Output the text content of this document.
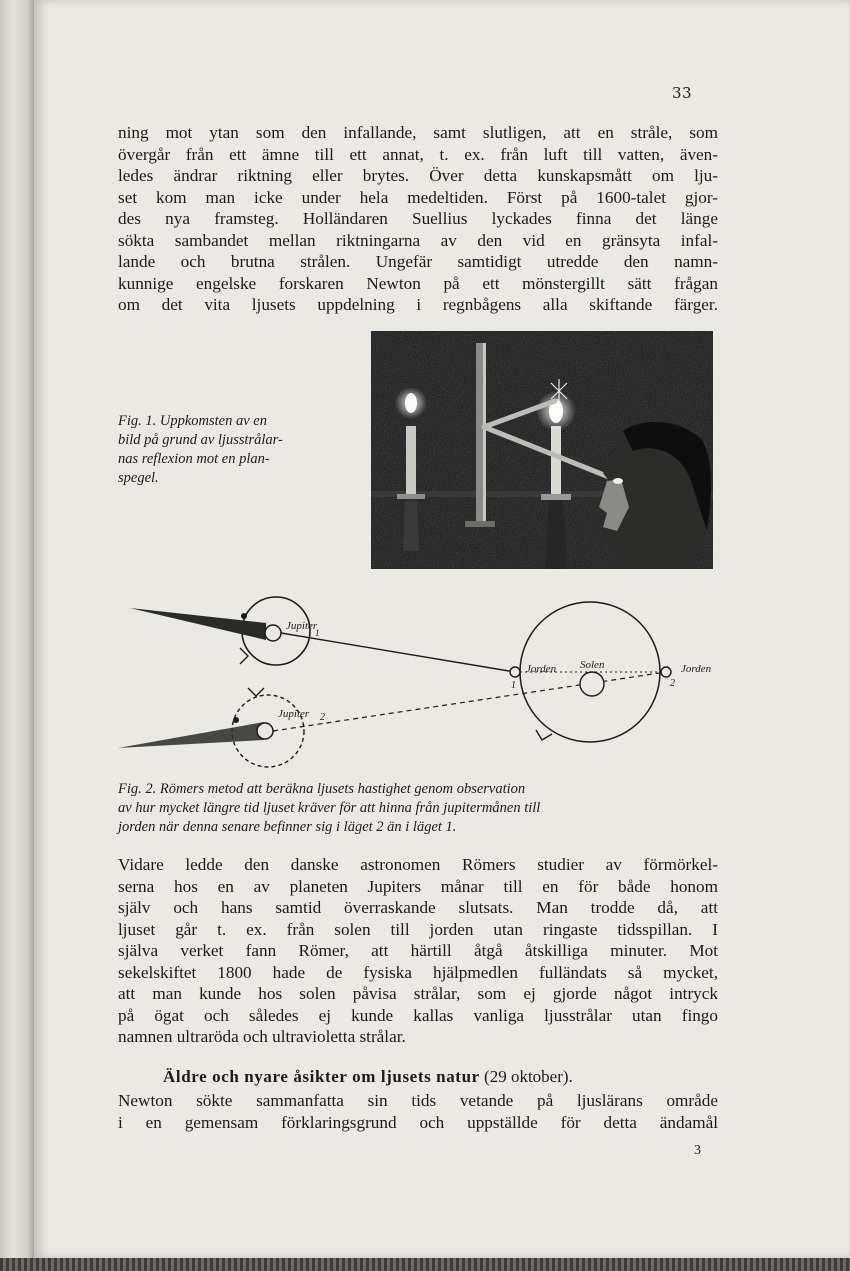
33
ning mot ytan som den infallande, samt slutligen, att en stråle, som
övergår från ett ämne till ett annat, t. ex. från luft till vatten, även-
ledes ändrar riktning eller brytes. Över detta kunskapsmått om lju-
set kom man icke under hela medeltiden. Först på 1600-talet gjor-
des nya framsteg. Holländaren Suellius lyckades finna det länge
sökta sambandet mellan riktningarna av den vid en gränsyta infal-
lande och brutna strålen. Ungefär samtidigt utredde den namn-
kunnige engelske forskaren Newton på ett mönstergillt sätt frågan
om det vita ljusets uppdelning i regnbågens alla skiftande färger.
Fig. 1. Uppkomsten av en
bild på grund av ljusstrålar-
nas reflexion mot en plan-
spegel.
Jupiter
1
Jupiter 2
Jorden	Jorden
Solen
1	2
Fig. 2. Römers metod att beräkna ljusets hastighet genom observation
av hur mycket längre tid ljuset kräver för att hinna från jupitermånen till
jorden när denna senare befinner sig i läget 2 än i läget 1.
Vidare ledde den danske astronomen Römers studier av förmörkel-
serna hos en av planeten Jupiters månar till en för både honom
själv och hans samtid överraskande slutsats. Man trodde då, att
ljuset går t. ex. från solen till jorden utan ringaste tidsspillan. I
själva verket fann Römer, att härtill åtgå åtskilliga minuter. Mot
sekelskiftet 1800 hade de fysiska hjälpmedlen fulländats så mycket,
att man kunde hos solen påvisa strålar, som ej gjorde något intryck
på ögat och således ej kunde kallas vanliga ljusstrålar utan fingo
namnen ultraröda och ultravioletta strålar.
Äldre och nyare åsikter om ljusets natur (29 oktober).
Newton sökte sammanfatta sin tids vetande på ljuslärans område
i en gemensam förklaringsgrund och uppställde för detta ändamål
3
